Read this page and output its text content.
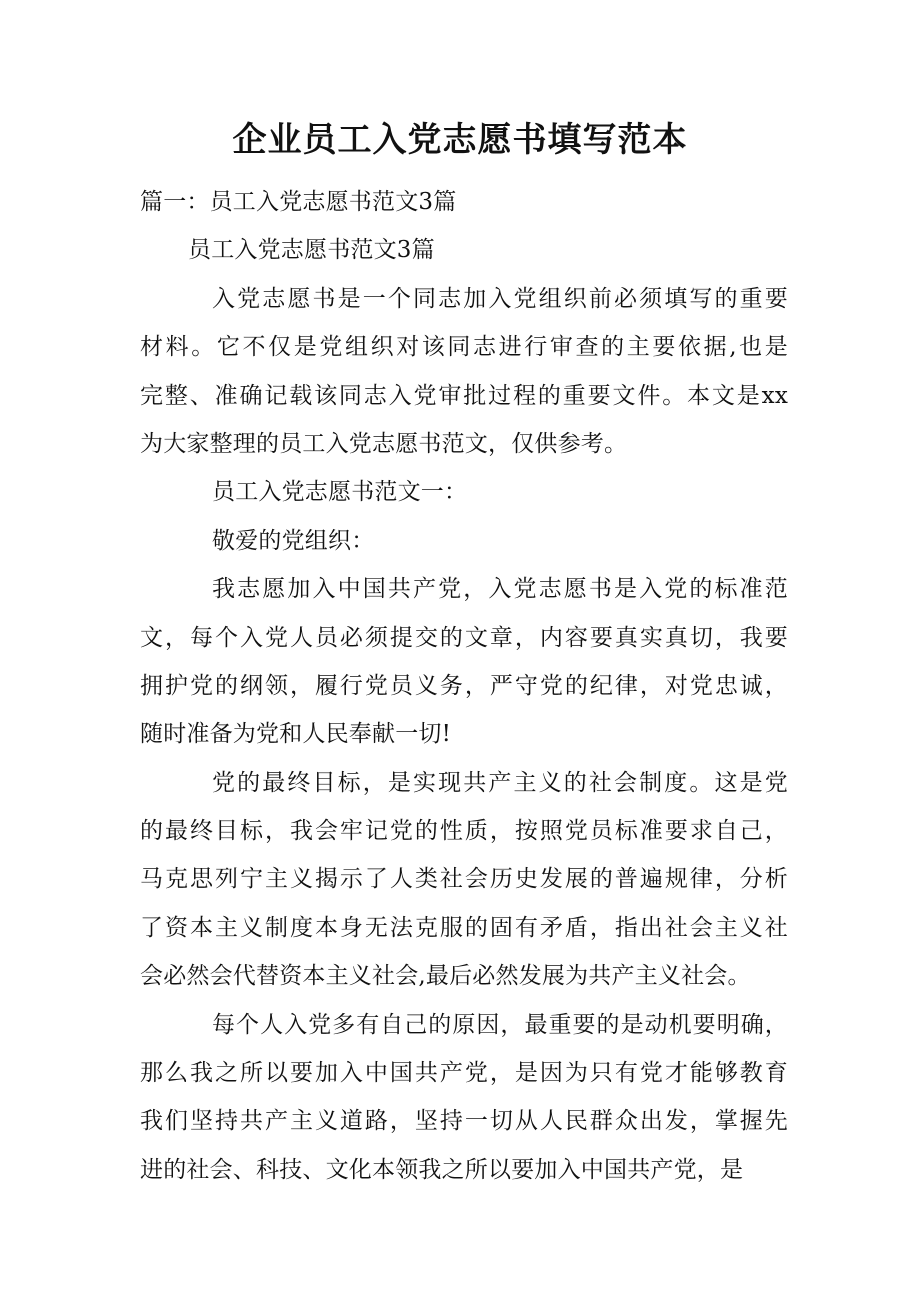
企业员工入党志愿书填写范本
篇一：员工入党志愿书范文3篇
员工入党志愿书范文3篇
入党志愿书是一个同志加入党组织前必须填写的重要
材料。它不仅是党组织对该同志进行审查的主要依据,也是
完整、准确记载该同志入党审批过程的重要文件。本文是xx
为大家整理的员工入党志愿书范文，仅供参考。
员工入党志愿书范文一：
敬爱的党组织：
我志愿加入中国共产党，入党志愿书是入党的标准范
文，每个入党人员必须提交的文章，内容要真实真切，我要
拥护党的纲领，履行党员义务，严守党的纪律，对党忠诚，
随时准备为党和人民奉献一切!
党的最终目标，是实现共产主义的社会制度。这是党
的最终目标，我会牢记党的性质，按照党员标准要求自己，
马克思列宁主义揭示了人类社会历史发展的普遍规律，分析
了资本主义制度本身无法克服的固有矛盾，指出社会主义社
会必然会代替资本主义社会,最后必然发展为共产主义社会。
每个人入党多有自己的原因，最重要的是动机要明确，
那么我之所以要加入中国共产党，是因为只有党才能够教育
我们坚持共产主义道路，坚持一切从人民群众出发，掌握先
进的社会、科技、文化本领我之所以要加入中国共产党，是
